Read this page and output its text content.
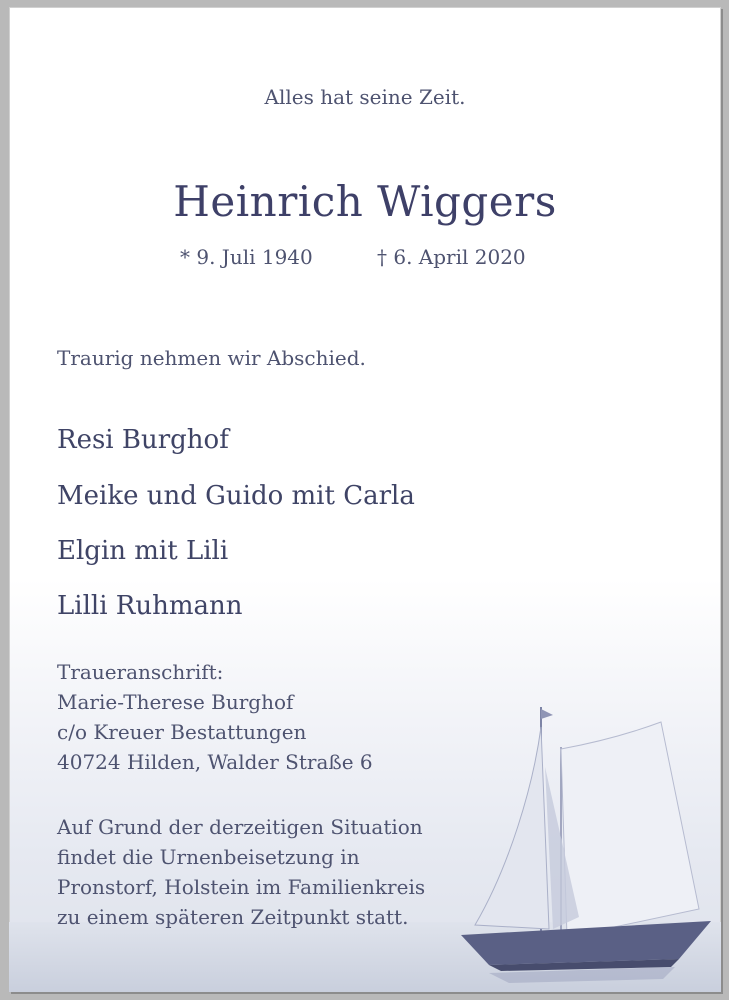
Alles hat seine Zeit.
Heinrich Wiggers
* 9. Juli 1940	† 6. April 2020
Traurig nehmen wir Abschied.
Resi Burghof
Meike und Guido mit Carla
Elgin mit Lili
Lilli Ruhmann
Traueranschrift:
Marie-Therese Burghof
c/o Kreuer Bestattungen
40724 Hilden, Walder Straße 6
Auf Grund der derzeitigen Situation
findet die Urnenbeisetzung in
Pronstorf, Holstein im Familienkreis
zu einem späteren Zeitpunkt statt.
